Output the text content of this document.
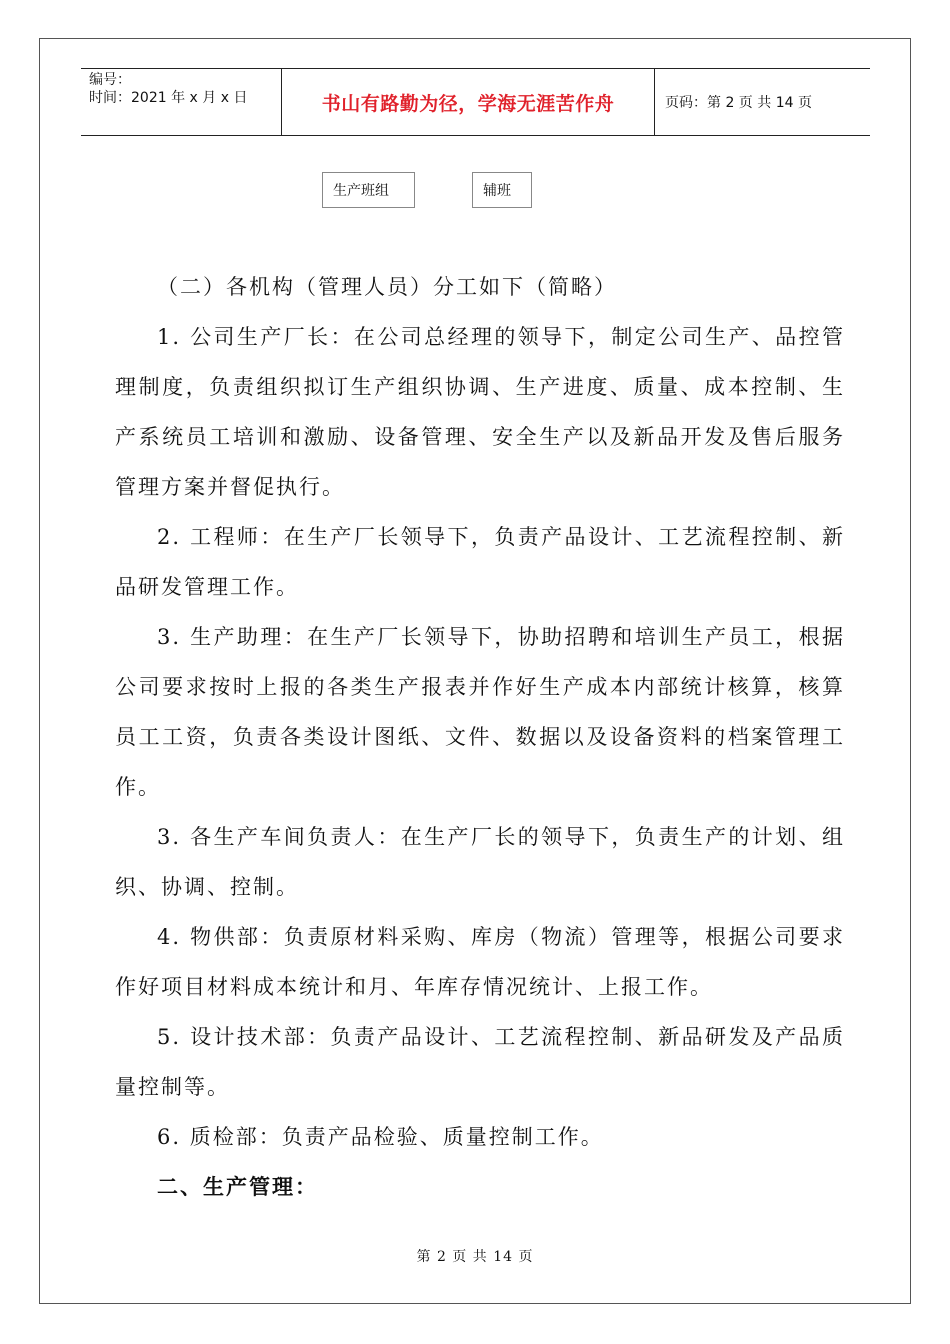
编号：
时间：2021 年 x 月 x 日	书山有路勤为径，学海无涯苦作舟	页码：第 2 页 共 14 页
生产班组	辅班

（二）各机构（管理人员）分工如下（简略）

1. 公司生产厂长：在公司总经理的领导下，制定公司生产、品控管理制度，负责组织拟订生产组织协调、生产进度、质量、成本控制、生产系统员工培训和激励、设备管理、安全生产以及新品开发及售后服务管理方案并督促执行。

2. 工程师：在生产厂长领导下，负责产品设计、工艺流程控制、新品研发管理工作。

3. 生产助理：在生产厂长领导下，协助招聘和培训生产员工，根据公司要求按时上报的各类生产报表并作好生产成本内部统计核算，核算员工工资，负责各类设计图纸、文件、数据以及设备资料的档案管理工作。

3. 各生产车间负责人：在生产厂长的领导下，负责生产的计划、组织、协调、控制。

4. 物供部：负责原材料采购、库房（物流）管理等，根据公司要求作好项目材料成本统计和月、年库存情况统计、上报工作。

5. 设计技术部：负责产品设计、工艺流程控制、新品研发及产品质量控制等。

6. 质检部：负责产品检验、质量控制工作。

二、生产管理：

第 2 页 共 14 页
